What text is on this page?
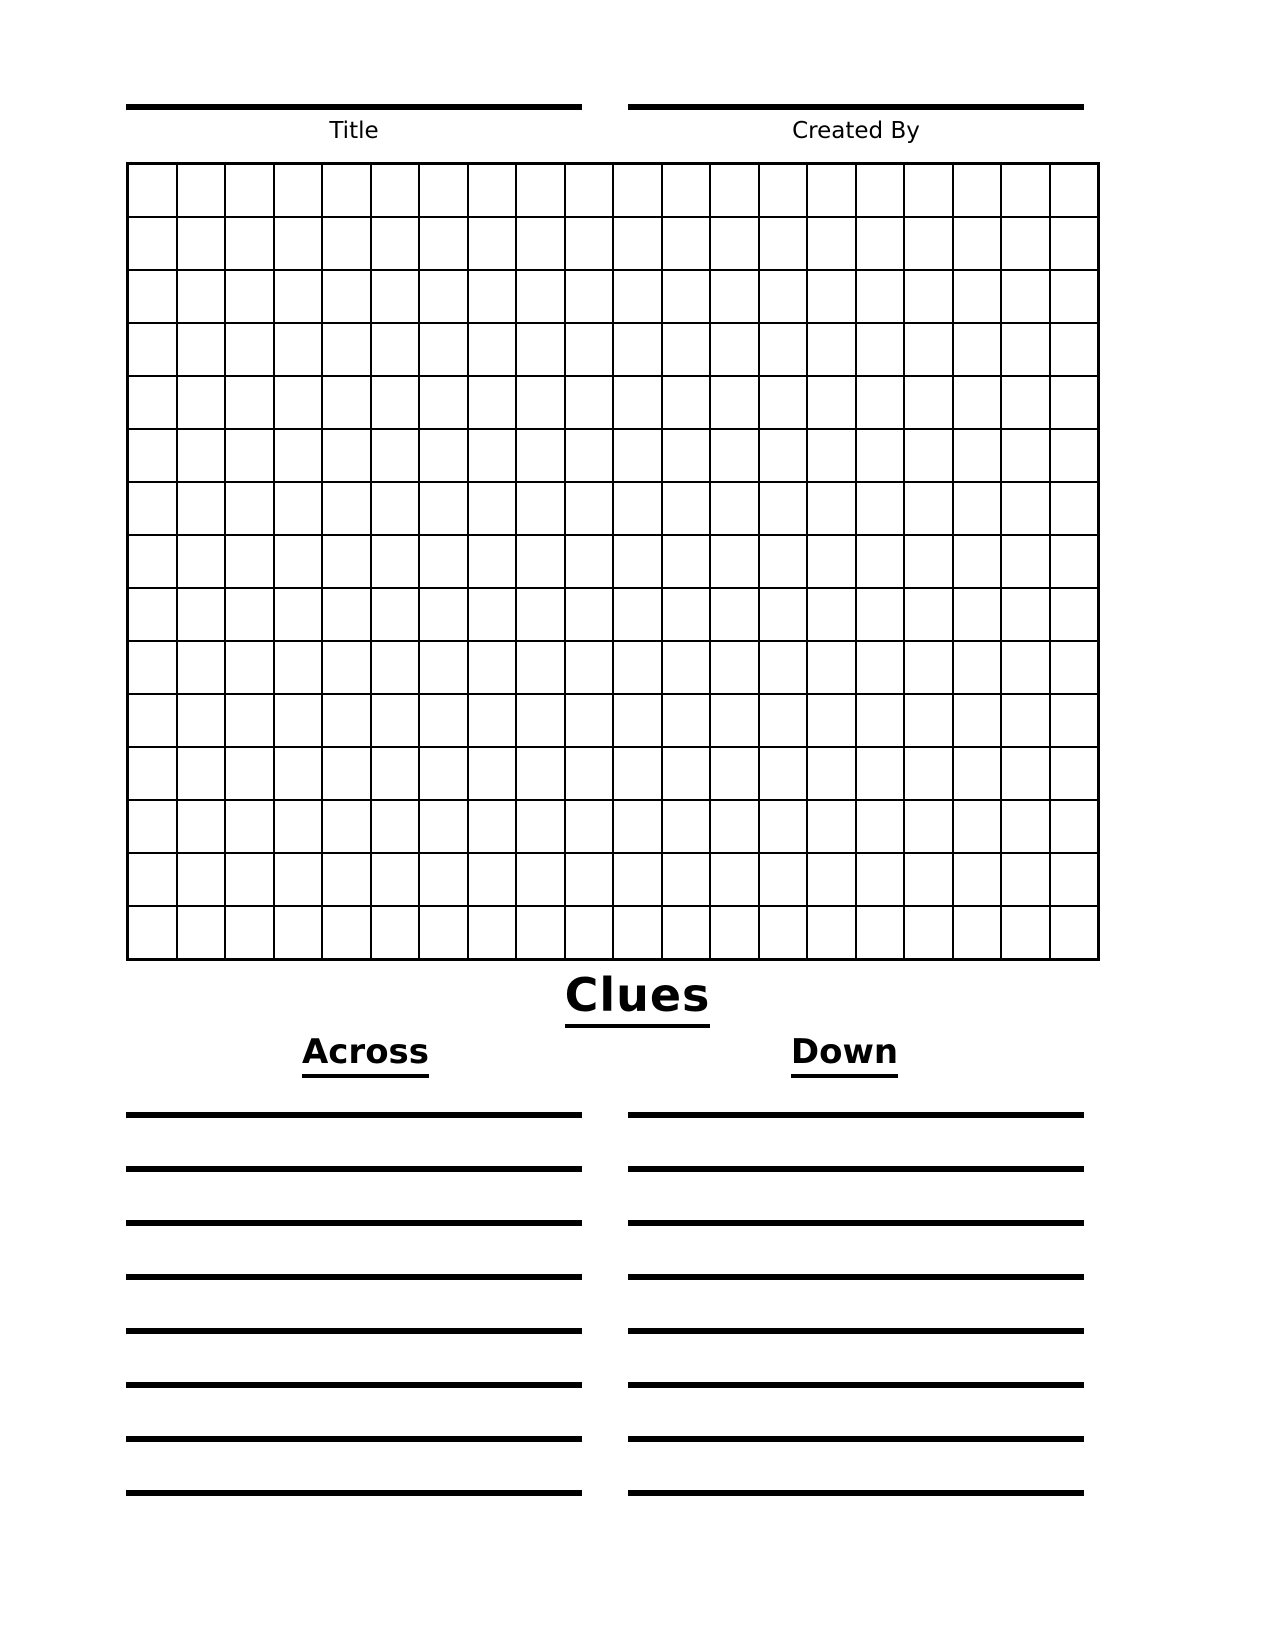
Title	Created By

Clues
Across	Down
